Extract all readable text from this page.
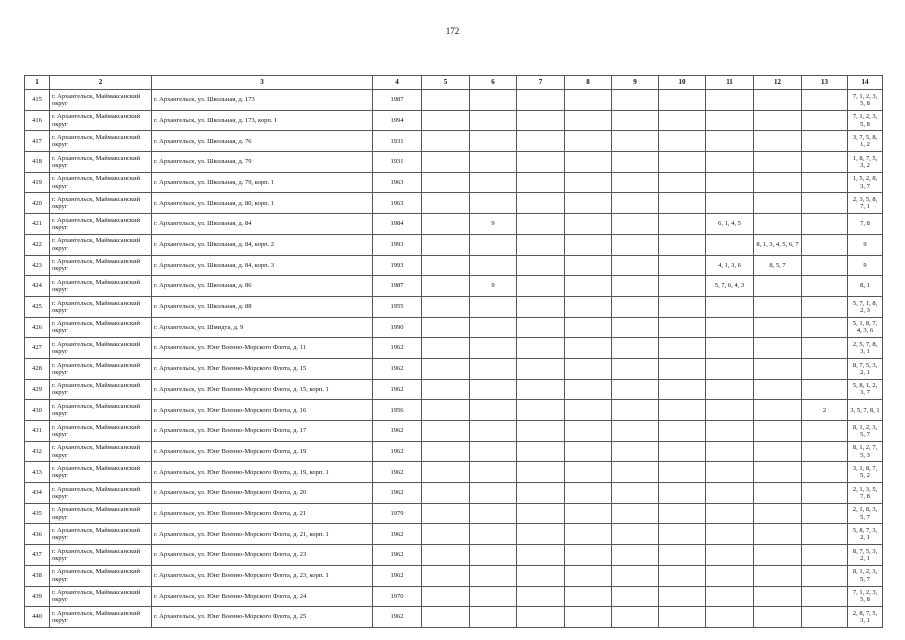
172
1	2	3	4	5	6	7	8	9	10	11	12	13	14
415	г. Архангельск, Маймаксанский округ	г. Архангельск, ул. Школьная, д. 173	1987										7, 1, 2, 3, 5, 8
416	г. Архангельск, Маймаксанский округ	г. Архангельск, ул. Школьная, д. 173, корп. 1	1994										7, 1, 2, 3, 5, 8
417	г. Архангельск, Маймаксанский округ	г. Архангельск, ул. Школьная, д. 76	1931										3, 7, 5, 8, 1, 2
418	г. Архангельск, Маймаксанский округ	г. Архангельск, ул. Школьная, д. 79	1931										1, 8, 7, 5, 3, 2
419	г. Архангельск, Маймаксанский округ	г. Архангельск, ул. Школьная, д. 79, корп. 1	1963										1, 5, 2, 8, 3, 7
420	г. Архангельск, Маймаксанский округ	г. Архангельск, ул. Школьная, д. 80, корп. 1	1963										2, 3, 5, 8, 7, 1
421	г. Архангельск, Маймаксанский округ	г. Архангельск, ул. Школьная, д. 84	1984		9					6, 1, 4, 5			7, 8
422	г. Архангельск, Маймаксанский округ	г. Архангельск, ул. Школьная, д. 84, корп. 2	1993								8, 1, 3, 4, 5, 6, 7		9
423	г. Архангельск, Маймаксанский округ	г. Архангельск, ул. Школьная, д. 84, корп. 3	1993							4, 1, 3, 6	8, 5, 7		9
424	г. Архангельск, Маймаксанский округ	г. Архангельск, ул. Школьная, д. 86	1987		9					5, 7, 6, 4, 3			8, 1
425	г. Архангельск, Маймаксанский округ	г. Архангельск, ул. Школьная, д. 88	1955										5, 7, 1, 8, 2, 3
426	г. Архангельск, Маймаксанский округ	г. Архангельск, ул. Шмидта, д. 9	1990										5, 1, 8, 7, 4, 3, 6
427	г. Архангельск, Маймаксанский округ	г. Архангельск, ул. Юнг Военно-Морского Флота, д. 11	1962										2, 5, 7, 8, 3, 1
428	г. Архангельск, Маймаксанский округ	г. Архангельск, ул. Юнг Военно-Морского Флота, д. 15	1962										8, 7, 5, 3, 2, 1
429	г. Архангельск, Маймаксанский округ	г. Архангельск, ул. Юнг Военно-Морского Флота, д. 15, корп. 1	1962										5, 8, 1, 2, 3, 7
430	г. Архангельск, Маймаксанский округ	г. Архангельск, ул. Юнг Военно-Морского Флота, д. 16	1956									2	3, 5, 7, 8, 1
431	г. Архангельск, Маймаксанский округ	г. Архангельск, ул. Юнг Военно-Морского Флота, д. 17	1962										8, 1, 2, 3, 5, 7
432	г. Архангельск, Маймаксанский округ	г. Архангельск, ул. Юнг Военно-Морского Флота, д. 19	1962										8, 1, 2, 7, 5, 3
433	г. Архангельск, Маймаксанский округ	г. Архангельск, ул. Юнг Военно-Морского Флота, д. 19, корп. 1	1962										3, 1, 8, 7, 5, 2
434	г. Архангельск, Маймаксанский округ	г. Архангельск, ул. Юнг Военно-Морского Флота, д. 20	1962										2, 1, 3, 5, 7, 8
435	г. Архангельск, Маймаксанский округ	г. Архангельск, ул. Юнг Военно-Морского Флота, д. 21	1979										2, 1, 8, 3, 5, 7
436	г. Архангельск, Маймаксанский округ	г. Архангельск, ул. Юнг Военно-Морского Флота, д. 21, корп. 1	1962										5, 8, 7, 3, 2, 1
437	г. Архангельск, Маймаксанский округ	г. Архангельск, ул. Юнг Военно-Морского Флота, д. 23	1962										8, 7, 5, 3, 2, 1
438	г. Архангельск, Маймаксанский округ	г. Архангельск, ул. Юнг Военно-Морского Флота, д. 23, корп. 1	1962										8, 1, 2, 3, 5, 7
439	г. Архангельск, Маймаксанский округ	г. Архангельск, ул. Юнг Военно-Морского Флота, д. 24	1970										7, 1, 2, 3, 5, 8
440	г. Архангельск, Маймаксанский округ	г. Архангельск, ул. Юнг Военно-Морского Флота, д. 25	1962										2, 8, 7, 5, 3, 1
